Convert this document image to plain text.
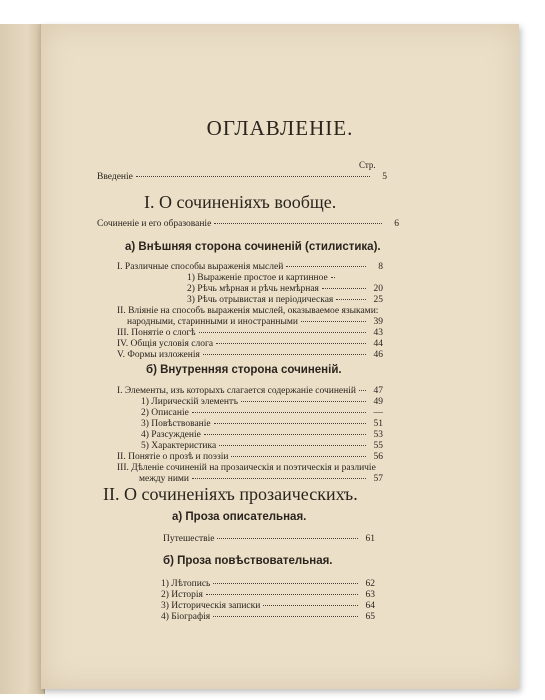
ОГЛАВЛЕНІЕ.
Стр.
Введеніе	5
I. О сочиненіяхъ вообще.
Сочиненіе и его образованіе	6
а) Внѣшняя сторона сочиненій (стилистика).
I. Различные способы выраженія мыслей	8
1) Выраженіе простое и картинное
2) Рѣчь мѣрная и рѣчь немѣрная	20
3) Рѣчь отрывистая и періодическая	25
II. Вліяніе на способъ выраженія мыслей, оказываемое языками:
народными, старинными и иностранными	39
III. Понятіе о слогѣ	43
IV. Общія условія слога	44
V. Формы изложенія	46
б) Внутренняя сторона сочиненій.
I. Элементы, изъ которыхъ слагается содержаніе сочиненій	47
1) Лирическій элементъ	49
2) Описаніе	—
3) Повѣствованіе	51
4) Разсужденіе	53
5) Характеристика	55
II. Понятіе о прозѣ и поэзіи	56
III. Дѣленіе сочиненій на прозаическія и поэтическія и различіе
между ними	57
II. О сочиненіяхъ прозаическихъ.
а) Проза описательная.
Путешествіе	61
б) Проза повѣствовательная.
1) Лѣтопись	62
2) Исторія	63
3) Историческія записки	64
4) Біографія	65
